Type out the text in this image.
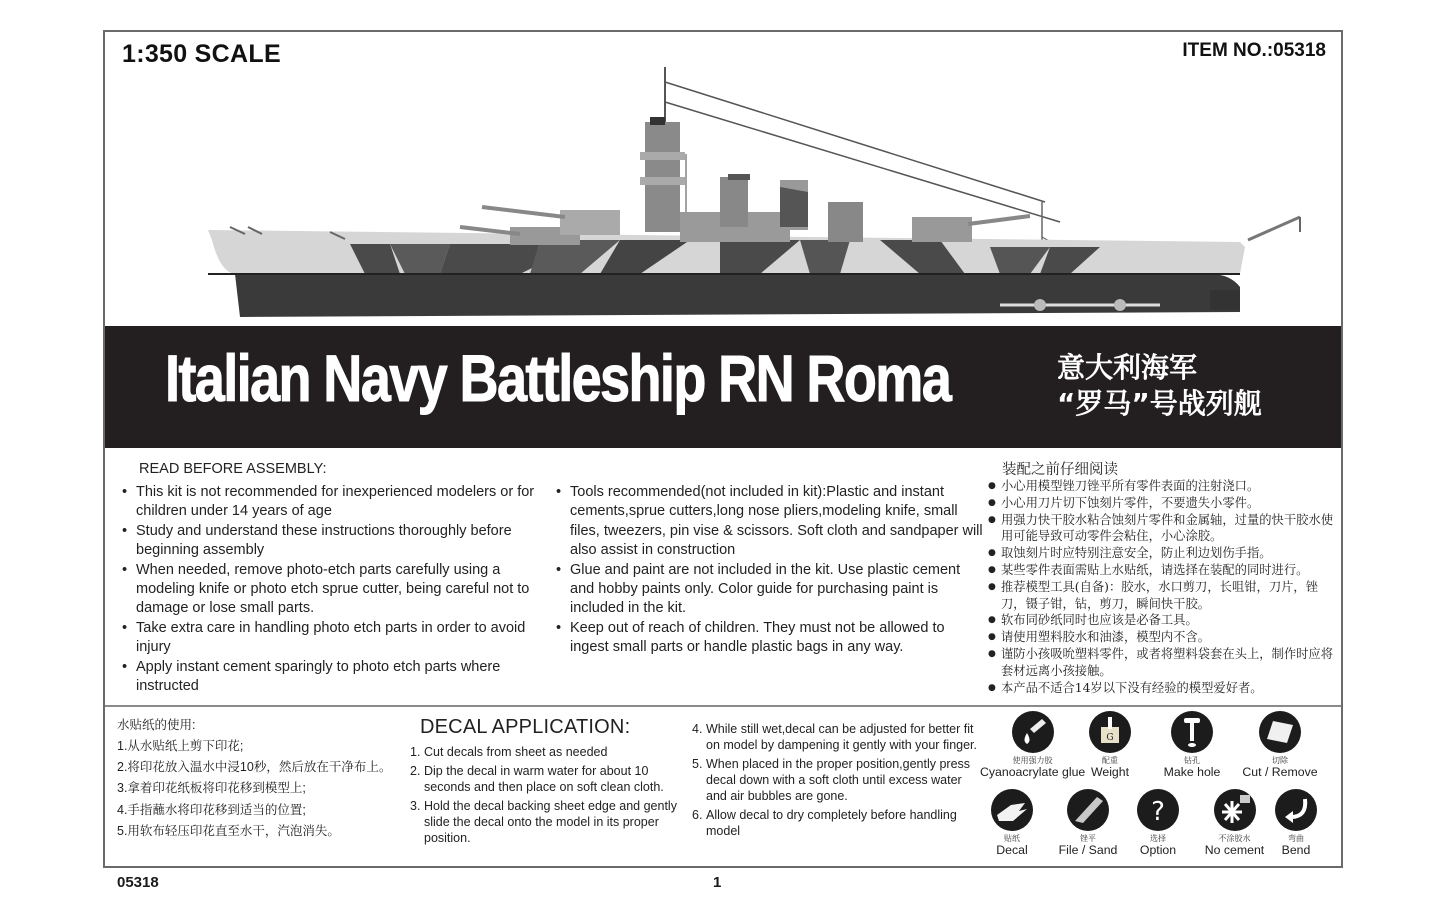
1:350 SCALE	ITEM NO.:05318
Italian Navy Battleship RN Roma	意大利海军
“罗马”号战列舰
READ BEFORE ASSEMBLY:
• This kit is not recommended for inexperienced modelers or for children under 14 years of age
• Study and understand these instructions thoroughly before beginning assembly
• When needed, remove photo-etch parts carefully using a modeling knife or photo etch sprue cutter, being careful not to damage or lose small parts.
• Take extra care in handling photo etch parts in order to avoid injury
• Apply instant cement sparingly to photo etch parts where instructed
• Tools recommended(not included in kit):Plastic and instant cements,sprue cutters,long nose pliers,modeling knife, small files, tweezers, pin vise & scissors. Soft cloth and sandpaper will also assist in construction
• Glue and paint are not included in the kit. Use plastic cement and hobby paints only. Color guide for purchasing paint is included in the kit.
• Keep out of reach of children. They must not be allowed to ingest small parts or handle plastic bags in any way.
装配之前仔细阅读
● 小心用模型锉刀锉平所有零件表面的注射浇口。
● 小心用刀片切下蚀刻片零件，不要遗失小零件。
● 用强力快干胶水粘合蚀刻片零件和金属轴，过量的快干胶水使用可能导致可动零件会粘住，小心涂胶。
● 取蚀刻片时应特别注意安全，防止利边划伤手指。
● 某些零件表面需贴上水贴纸，请选择在装配的同时进行。
● 推荐模型工具(自备)：胶水，水口剪刀，长咀钳，刀片，锉刀，镊子钳，钻，剪刀，瞬间快干胶。
● 软布同砂纸同时也应该是必备工具。
● 请使用塑料胶水和油漆，模型内不含。
● 谨防小孩吸吮塑料零件，或者将塑料袋套在头上，制作时应将套材远离小孩接触。
● 本产品不适合14岁以下没有经验的模型爱好者。
水贴纸的使用:
1.从水贴纸上剪下印花;
2.将印花放入温水中浸10秒，然后放在干净布上。
3.拿着印花纸板将印花移到模型上;
4.手指蘸水将印花移到适当的位置;
5.用软布轻压印花直至水干，汽泡消失。
DECAL APPLICATION:
1. Cut decals from sheet as needed
2. Dip the decal in warm water for about 10 seconds and then place on soft clean cloth.
3. Hold the decal backing sheet edge and gently slide the decal onto the model in its proper position.
4. While still wet,decal can be adjusted for better fit on model by dampening it gently with your finger.
5. When placed in the proper position,gently press decal down with a soft cloth until excess water and air bubbles are gone.
6. Allow decal to dry completely before handling model
使用强力胶
Cyanoacrylate glue
G
配重
Weight
钻孔
Make hole
切除
Cut / Remove
贴纸
Decal
锉平
File / Sand
?
选择
Option
不涂胶水
No cement
弯曲
Bend
05318	1
